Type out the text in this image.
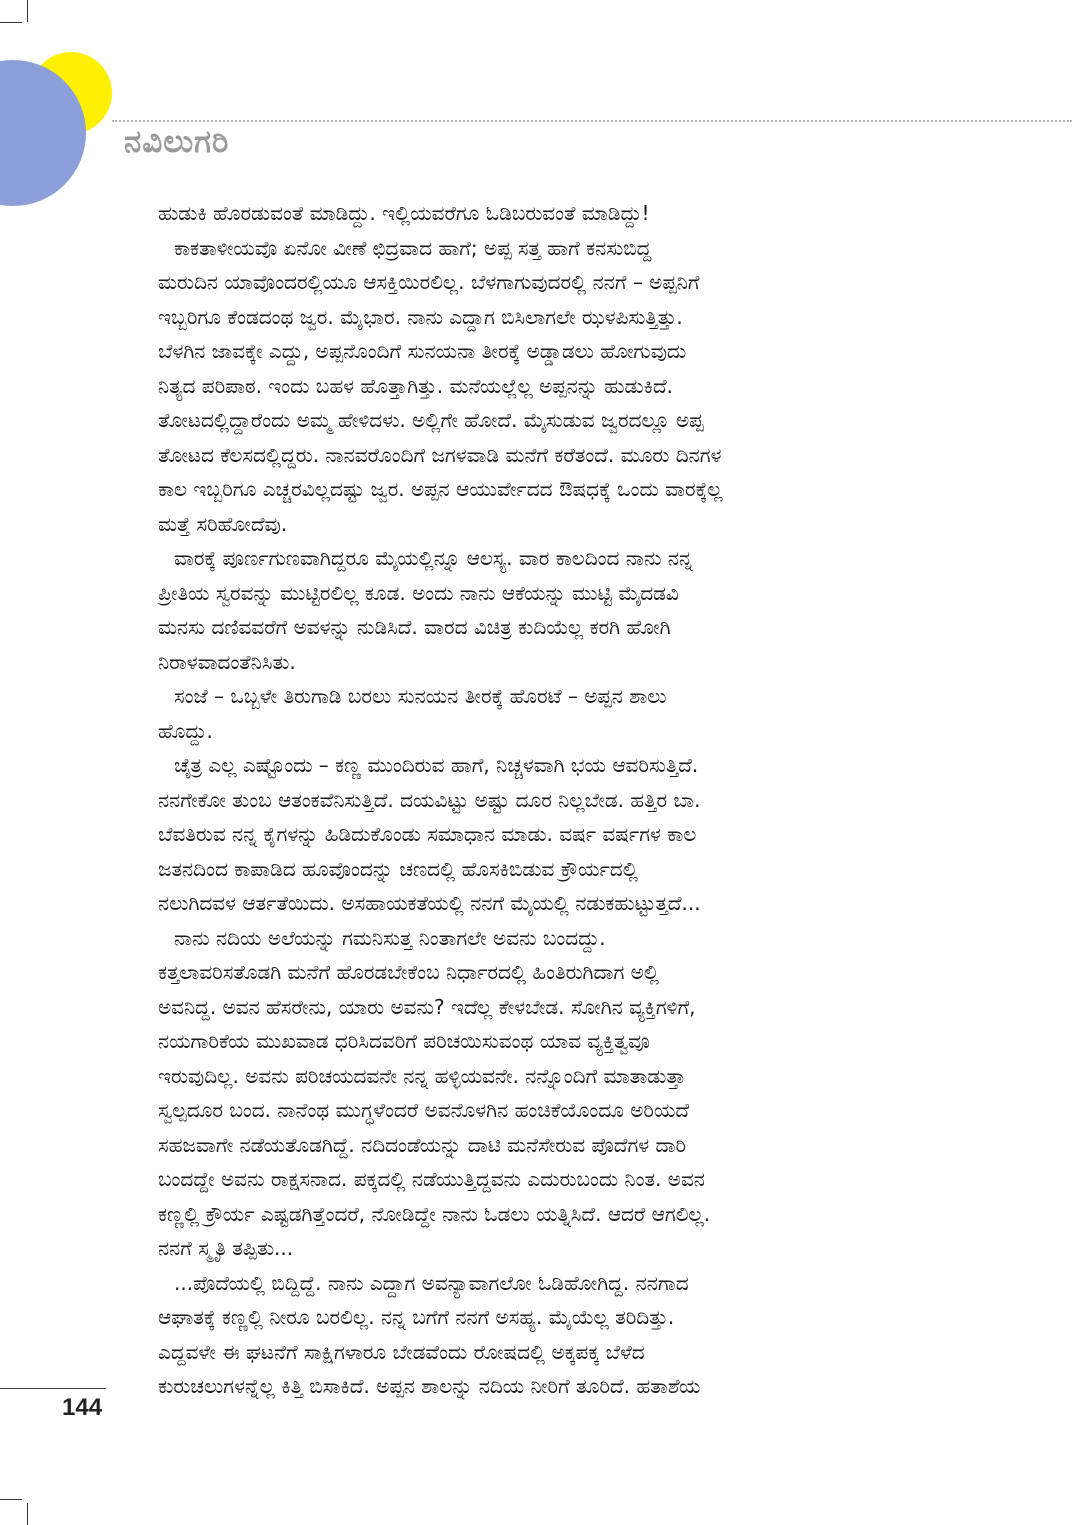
ನವಿಲುಗರಿ
ಹುಡುಕಿ ಹೊರಡುವಂತೆ ಮಾಡಿದ್ದು. ಇಲ್ಲಿಯವರೆಗೂ ಓಡಿಬರುವಂತೆ ಮಾಡಿದ್ದು!
ಕಾಕತಾಳೀಯವೊ ಏನೋ ವೀಣೆ ಛಿದ್ರವಾದ ಹಾಗೆ; ಅಪ್ಪ ಸತ್ತ ಹಾಗೆ ಕನಸುಬಿದ್ದ
ಮರುದಿನ ಯಾವೊಂದರಲ್ಲಿಯೂ ಆಸಕ್ತಿಯಿರಲಿಲ್ಲ. ಬೆಳಗಾಗುವುದರಲ್ಲಿ ನನಗೆ – ಅಪ್ಪನಿಗೆ
ಇಬ್ಬರಿಗೂ ಕೆಂಡದಂಥ ಜ್ವರ. ಮೈಭಾರ. ನಾನು ಎದ್ದಾಗ ಬಿಸಿಲಾಗಲೇ ಝಳಪಿಸುತ್ತಿತ್ತು.
ಬೆಳಗಿನ ಜಾವಕ್ಕೇ ಎದ್ದು, ಅಪ್ಪನೊಂದಿಗೆ ಸುನಯನಾ ತೀರಕ್ಕೆ ಅಡ್ಡಾಡಲು ಹೋಗುವುದು
ನಿತ್ಯದ ಪರಿಪಾಠ. ಇಂದು ಬಹಳ ಹೊತ್ತಾಗಿತ್ತು. ಮನೆಯಲ್ಲೆಲ್ಲ ಅಪ್ಪನನ್ನು ಹುಡುಕಿದೆ.
ತೋಟದಲ್ಲಿದ್ದಾರೆಂದು ಅಮ್ಮ ಹೇಳಿದಳು. ಅಲ್ಲಿಗೇ ಹೋದೆ. ಮೈಸುಡುವ ಜ್ವರದಲ್ಲೂ ಅಪ್ಪ
ತೋಟದ ಕೆಲಸದಲ್ಲಿದ್ದರು. ನಾನವರೊಂದಿಗೆ ಜಗಳವಾಡಿ ಮನೆಗೆ ಕರೆತಂದೆ. ಮೂರು ದಿನಗಳ
ಕಾಲ ಇಬ್ಬರಿಗೂ ಎಚ್ಚರವಿಲ್ಲದಷ್ಟು ಜ್ವರ. ಅಪ್ಪನ ಆಯುರ್ವೇದದ ಔಷಧಕ್ಕೆ ಒಂದು ವಾರಕ್ಕೆಲ್ಲ
ಮತ್ತೆ ಸರಿಹೋದೆವು.
ವಾರಕ್ಕೆ ಪೂರ್ಣಗುಣವಾಗಿದ್ದರೂ ಮೈಯಲ್ಲಿನ್ನೂ ಆಲಸ್ಯ. ವಾರ ಕಾಲದಿಂದ ನಾನು ನನ್ನ
ಪ್ರೀತಿಯ ಸ್ವರವನ್ನು ಮುಟ್ಟಿರಲಿಲ್ಲ ಕೂಡ. ಅಂದು ನಾನು ಆಕೆಯನ್ನು ಮುಟ್ಟಿ ಮೈದಡವಿ
ಮನಸು ದಣಿವವರೆಗೆ ಅವಳನ್ನು ನುಡಿಸಿದೆ. ವಾರದ ವಿಚಿತ್ರ ಕುದಿಯೆಲ್ಲ ಕರಗಿ ಹೋಗಿ
ನಿರಾಳವಾದಂತೆನಿಸಿತು.
ಸಂಜೆ – ಒಬ್ಬಳೇ ತಿರುಗಾಡಿ ಬರಲು ಸುನಯನ ತೀರಕ್ಕೆ ಹೊರಟೆ – ಅಪ್ಪನ ಶಾಲು
ಹೊದ್ದು.
ಚೈತ್ರ ಎಲ್ಲ ಎಷ್ಟೊಂದು – ಕಣ್ಣ ಮುಂದಿರುವ ಹಾಗೆ, ನಿಚ್ಚಳವಾಗಿ ಭಯ ಆವರಿಸುತ್ತಿದೆ.
ನನಗೇಕೋ ತುಂಬ ಆತಂಕವೆನಿಸುತ್ತಿದೆ. ದಯವಿಟ್ಟು ಅಷ್ಟು ದೂರ ನಿಲ್ಲಬೇಡ. ಹತ್ತಿರ ಬಾ.
ಬೆವತಿರುವ ನನ್ನ ಕೈಗಳನ್ನು ಹಿಡಿದುಕೊಂಡು ಸಮಾಧಾನ ಮಾಡು. ವರ್ಷ ವರ್ಷಗಳ ಕಾಲ
ಜತನದಿಂದ ಕಾಪಾಡಿದ ಹೂವೊಂದನ್ನು ಚಣದಲ್ಲಿ ಹೊಸಕಿಬಿಡುವ ಕ್ರೌರ್ಯದಲ್ಲಿ
ನಲುಗಿದವಳ ಆರ್ತತೆಯಿದು. ಅಸಹಾಯಕತೆಯಲ್ಲಿ ನನಗೆ ಮೈಯಲ್ಲಿ ನಡುಕಹುಟ್ಟುತ್ತದೆ...
ನಾನು ನದಿಯ ಅಲೆಯನ್ನು ಗಮನಿಸುತ್ತ ನಿಂತಾಗಲೇ ಅವನು ಬಂದದ್ದು.
ಕತ್ತಲಾವರಿಸತೊಡಗಿ ಮನೆಗೆ ಹೊರಡಬೇಕೆಂಬ ನಿರ್ಧಾರದಲ್ಲಿ ಹಿಂತಿರುಗಿದಾಗ ಅಲ್ಲಿ
ಅವನಿದ್ದ. ಅವನ ಹೆಸರೇನು, ಯಾರು ಅವನು? ಇದೆಲ್ಲ ಕೇಳಬೇಡ. ಸೋಗಿನ ವ್ಯಕ್ತಿಗಳಿಗೆ,
ನಯಗಾರಿಕೆಯ ಮುಖವಾಡ ಧರಿಸಿದವರಿಗೆ ಪರಿಚಯಿಸುವಂಥ ಯಾವ ವ್ಯಕ್ತಿತ್ವವೂ
ಇರುವುದಿಲ್ಲ. ಅವನು ಪರಿಚಯದವನೇ ನನ್ನ ಹಳ್ಳಿಯವನೇ. ನನ್ನೊಂದಿಗೆ ಮಾತಾಡುತ್ತಾ
ಸ್ವಲ್ಪದೂರ ಬಂದ. ನಾನೆಂಥ ಮುಗ್ಧಳೆಂದರೆ ಅವನೊಳಗಿನ ಹಂಚಿಕೆಯೊಂದೂ ಅರಿಯದೆ
ಸಹಜವಾಗೇ ನಡೆಯತೊಡಗಿದ್ದೆ. ನದಿದಂಡೆಯನ್ನು ದಾಟಿ ಮನೆಸೇರುವ ಪೊದೆಗಳ ದಾರಿ
ಬಂದದ್ದೇ ಅವನು ರಾಕ್ಷಸನಾದ. ಪಕ್ಕದಲ್ಲಿ ನಡೆಯುತ್ತಿದ್ದವನು ಎದುರುಬಂದು ನಿಂತ. ಅವನ
ಕಣ್ಣಲ್ಲಿ ಕ್ರೌರ್ಯ ಎಷ್ಟಡಗಿತ್ತೆಂದರೆ, ನೋಡಿದ್ದೇ ನಾನು ಓಡಲು ಯತ್ನಿಸಿದೆ. ಆದರೆ ಆಗಲಿಲ್ಲ.
ನನಗೆ ಸ್ಮೃತಿ ತಪ್ಪಿತು...
...ಪೊದೆಯಲ್ಲಿ ಬಿದ್ದಿದ್ದೆ. ನಾನು ಎದ್ದಾಗ ಅವನ್ಯಾವಾಗಲೋ ಓಡಿಹೋಗಿದ್ದ. ನನಗಾದ
ಆಘಾತಕ್ಕೆ ಕಣ್ಣಲ್ಲಿ ನೀರೂ ಬರಲಿಲ್ಲ. ನನ್ನ ಬಗೆಗೆ ನನಗೆ ಅಸಹ್ಯ. ಮೈಯೆಲ್ಲ ತರಿದಿತ್ತು.
ಎದ್ದವಳೇ ಈ ಘಟನೆಗೆ ಸಾಕ್ಷಿಗಳಾರೂ ಬೇಡವೆಂದು ರೋಷದಲ್ಲಿ ಅಕ್ಕಪಕ್ಕ ಬೆಳೆದ
ಕುರುಚಲುಗಳನ್ನೆಲ್ಲ ಕಿತ್ತಿ ಬಿಸಾಕಿದೆ. ಅಪ್ಪನ ಶಾಲನ್ನು ನದಿಯ ನೀರಿಗೆ ತೂರಿದೆ. ಹತಾಶೆಯ
144
